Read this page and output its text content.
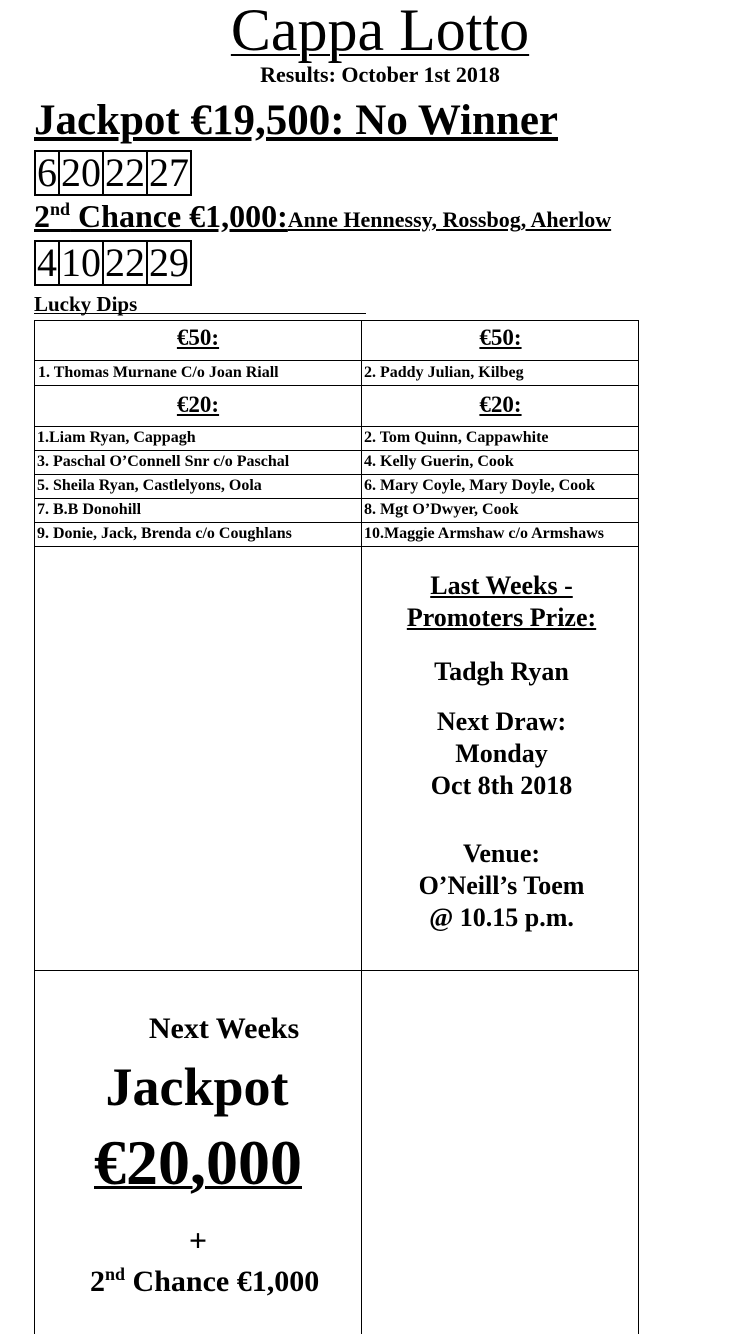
Cappa Lotto
Results: October 1st 2018
Jackpot €19,500: No Winner
6 20 22 27
2nd Chance €1,000:Anne Hennessy, Rossbog, Aherlow
4 10 22 29
Lucky Dips
€50:	€50:
1. Thomas Murnane C/o Joan Riall	2. Paddy Julian, Kilbeg
€20:	€20:
1.Liam Ryan, Cappagh	2. Tom Quinn, Cappawhite
3. Paschal O’Connell Snr c/o Paschal	4. Kelly Guerin, Cook
5. Sheila Ryan, Castlelyons, Oola	6. Mary Coyle, Mary Doyle, Cook
7. B.B Donohill	8. Mgt O’Dwyer, Cook
9. Donie, Jack, Brenda c/o Coughlans	10.Maggie Armshaw c/o Armshaws
Last Weeks -
Promoters Prize:
Tadgh Ryan
Next Draw:
Monday
Oct 8th 2018
Venue:
O’Neill’s Toem
@ 10.15 p.m.
Next Weeks
Jackpot
€20,000
+
2nd Chance €1,000
